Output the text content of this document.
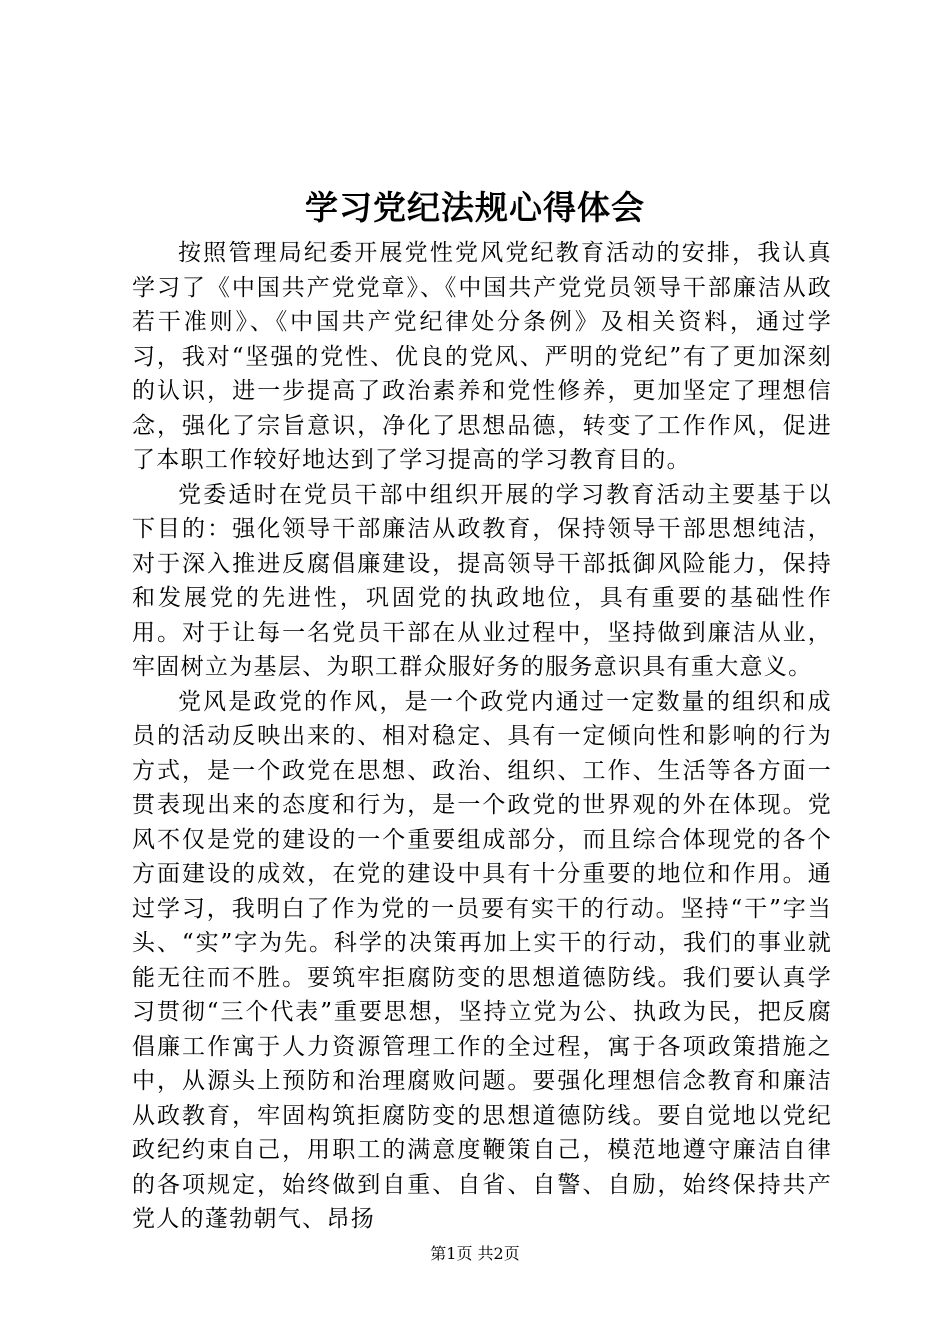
学习党纪法规心得体会

按照管理局纪委开展党性党风党纪教育活动的安排，我认真学习了《中国共产党党章》、《中国共产党党员领导干部廉洁从政若干准则》、《中国共产党纪律处分条例》及相关资料，通过学习，我对“坚强的党性、优良的党风、严明的党纪”有了更加深刻的认识，进一步提高了政治素养和党性修养，更加坚定了理想信念，强化了宗旨意识，净化了思想品德，转变了工作作风，促进了本职工作较好地达到了学习提高的学习教育目的。

党委适时在党员干部中组织开展的学习教育活动主要基于以下目的：强化领导干部廉洁从政教育，保持领导干部思想纯洁，对于深入推进反腐倡廉建设，提高领导干部抵御风险能力，保持和发展党的先进性，巩固党的执政地位，具有重要的基础性作用。对于让每一名党员干部在从业过程中，坚持做到廉洁从业，牢固树立为基层、为职工群众服好务的服务意识具有重大意义。

党风是政党的作风，是一个政党内通过一定数量的组织和成员的活动反映出来的、相对稳定、具有一定倾向性和影响的行为方式，是一个政党在思想、政治、组织、工作、生活等各方面一贯表现出来的态度和行为，是一个政党的世界观的外在体现。党风不仅是党的建设的一个重要组成部分，而且综合体现党的各个方面建设的成效，在党的建设中具有十分重要的地位和作用。通过学习，我明白了作为党的一员要有实干的行动。坚持“干”字当头、“实”字为先。科学的决策再加上实干的行动，我们的事业就能无往而不胜。要筑牢拒腐防变的思想道德防线。我们要认真学习贯彻“三个代表”重要思想，坚持立党为公、执政为民，把反腐倡廉工作寓于人力资源管理工作的全过程，寓于各项政策措施之中，从源头上预防和治理腐败问题。要强化理想信念教育和廉洁从政教育，牢固构筑拒腐防变的思想道德防线。要自觉地以党纪政纪约束自己，用职工的满意度鞭策自己，模范地遵守廉洁自律的各项规定，始终做到自重、自省、自警、自励，始终保持共产党人的蓬勃朝气、昂扬

第1页 共2页
